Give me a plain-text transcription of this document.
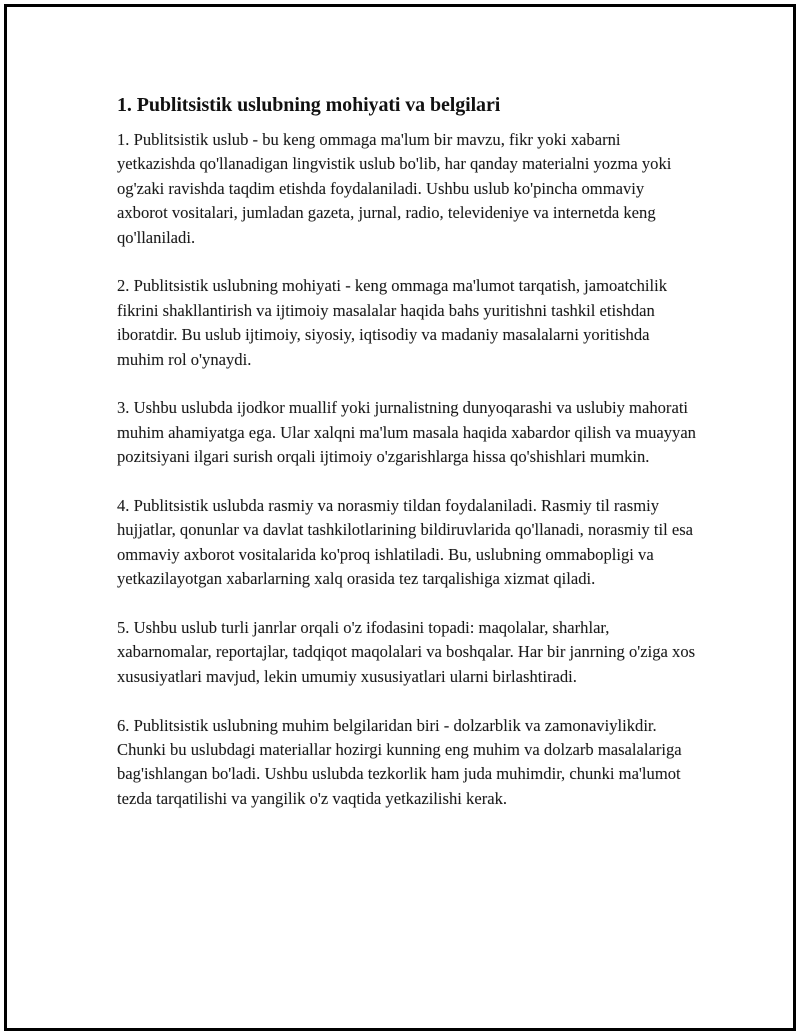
1. Publitsistik uslubning mohiyati va belgilari

1. Publitsistik uslub - bu keng ommaga ma'lum bir mavzu, fikr yoki xabarni yetkazishda qo'llanadigan lingvistik uslub bo'lib, har qanday materialni yozma yoki og'zaki ravishda taqdim etishda foydalaniladi. Ushbu uslub ko'pincha ommaviy axborot vositalari, jumladan gazeta, jurnal, radio, televideniye va internetda keng qo'llaniladi.

2. Publitsistik uslubning mohiyati - keng ommaga ma'lumot tarqatish, jamoatchilik fikrini shakllantirish va ijtimoiy masalalar haqida bahs yuritishni tashkil etishdan iboratdir. Bu uslub ijtimoiy, siyosiy, iqtisodiy va madaniy masalalarni yoritishda muhim rol o'ynaydi.

3. Ushbu uslubda ijodkor muallif yoki jurnalistning dunyoqarashi va uslubiy mahorati muhim ahamiyatga ega. Ular xalqni ma'lum masala haqida xabardor qilish va muayyan pozitsiyani ilgari surish orqali ijtimoiy o'zgarishlarga hissa qo'shishlari mumkin.

4. Publitsistik uslubda rasmiy va norasmiy tildan foydalaniladi. Rasmiy til rasmiy hujjatlar, qonunlar va davlat tashkilotlarining bildiruvlarida qo'llanadi, norasmiy til esa ommaviy axborot vositalarida ko'proq ishlatiladi. Bu, uslubning ommabopligi va yetkazilayotgan xabarlarning xalq orasida tez tarqalishiga xizmat qiladi.

5. Ushbu uslub turli janrlar orqali o'z ifodasini topadi: maqolalar, sharhlar, xabarnomalar, reportajlar, tadqiqot maqolalari va boshqalar. Har bir janrning o'ziga xos xususiyatlari mavjud, lekin umumiy xususiyatlari ularni birlashtiradi.

6. Publitsistik uslubning muhim belgilaridan biri - dolzarblik va zamonaviylikdir. Chunki bu uslubdagi materiallar hozirgi kunning eng muhim va dolzarb masalalariga bag'ishlangan bo'ladi. Ushbu uslubda tezkorlik ham juda muhimdir, chunki ma'lumot tezda tarqatilishi va yangilik o'z vaqtida yetkazilishi kerak.
